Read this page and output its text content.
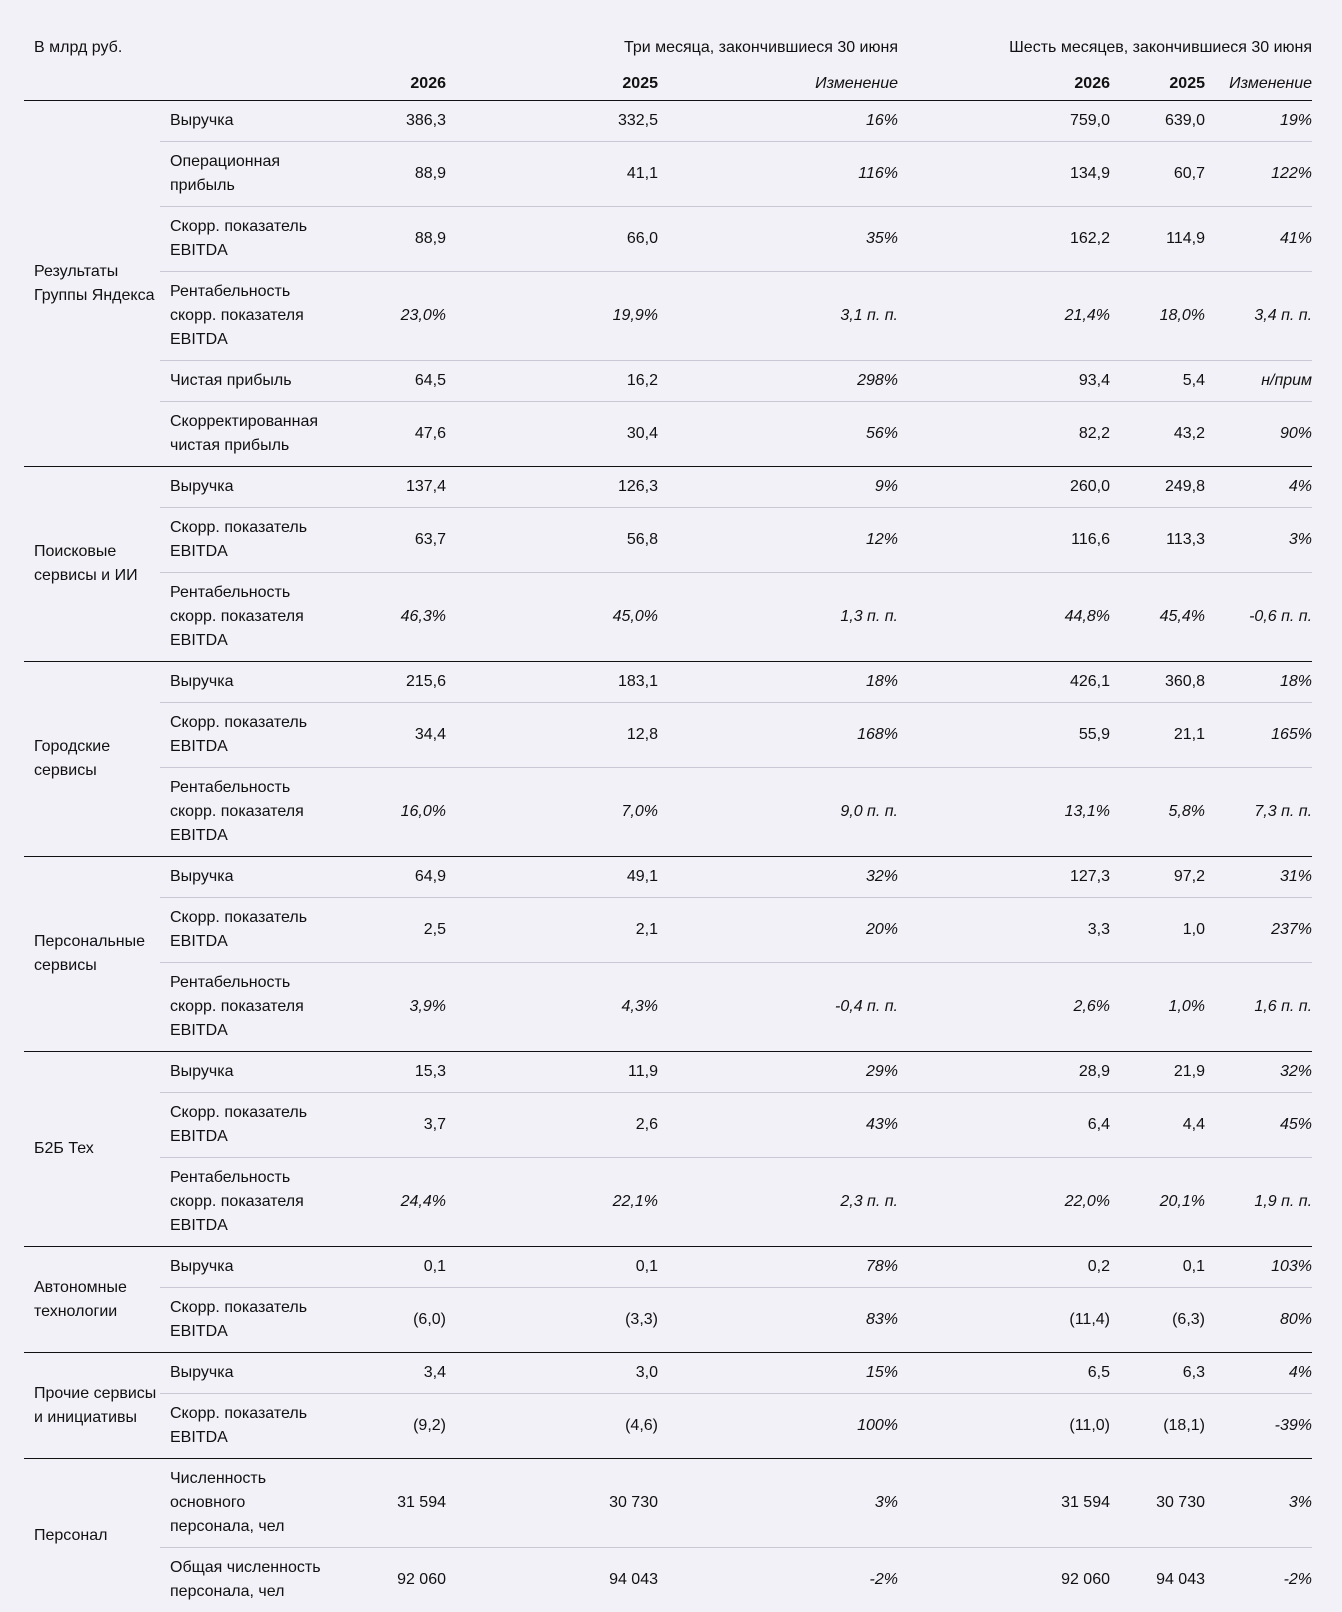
В млрд руб.			Три месяца, закончившиеся 30 июня		Шесть месяцев, закончившиеся 30 июня		
		2026	2025	Изменение	2026	2025	Изменение
Результаты Группы Яндекса	Выручка	386,3	332,5	16%	759,0	639,0	19%
	Операционная прибыль	88,9	41,1	116%	134,9	60,7	122%
	Скорр. показатель EBITDA	88,9	66,0	35%	162,2	114,9	41%
	Рентабельность скорр. показателя EBITDA	23,0%	19,9%	3,1 п. п.	21,4%	18,0%	3,4 п. п.
	Чистая прибыль	64,5	16,2	298%	93,4	5,4	н/прим
	Скорректированная чистая прибыль	47,6	30,4	56%	82,2	43,2	90%
Поисковые сервисы и ИИ	Выручка	137,4	126,3	9%	260,0	249,8	4%
	Скорр. показатель EBITDA	63,7	56,8	12%	116,6	113,3	3%
	Рентабельность скорр. показателя EBITDA	46,3%	45,0%	1,3 п. п.	44,8%	45,4%	-0,6 п. п.
Городские сервисы	Выручка	215,6	183,1	18%	426,1	360,8	18%
	Скорр. показатель EBITDA	34,4	12,8	168%	55,9	21,1	165%
	Рентабельность скорр. показателя EBITDA	16,0%	7,0%	9,0 п. п.	13,1%	5,8%	7,3 п. п.
Персональные сервисы	Выручка	64,9	49,1	32%	127,3	97,2	31%
	Скорр. показатель EBITDA	2,5	2,1	20%	3,3	1,0	237%
	Рентабельность скорр. показателя EBITDA	3,9%	4,3%	-0,4 п. п.	2,6%	1,0%	1,6 п. п.
Б2Б Тех	Выручка	15,3	11,9	29%	28,9	21,9	32%
	Скорр. показатель EBITDA	3,7	2,6	43%	6,4	4,4	45%
	Рентабельность скорр. показателя EBITDA	24,4%	22,1%	2,3 п. п.	22,0%	20,1%	1,9 п. п.
Автономные технологии	Выручка	0,1	0,1	78%	0,2	0,1	103%
	Скорр. показатель EBITDA	(6,0)	(3,3)	83%	(11,4)	(6,3)	80%
Прочие сервисы и инициативы	Выручка	3,4	3,0	15%	6,5	6,3	4%
	Скорр. показатель EBITDA	(9,2)	(4,6)	100%	(11,0)	(18,1)	-39%
Персонал	Численность основного персонала, чел	31 594	30 730	3%	31 594	30 730	3%
	Общая численность персонала, чел	92 060	94 043	-2%	92 060	94 043	-2%
